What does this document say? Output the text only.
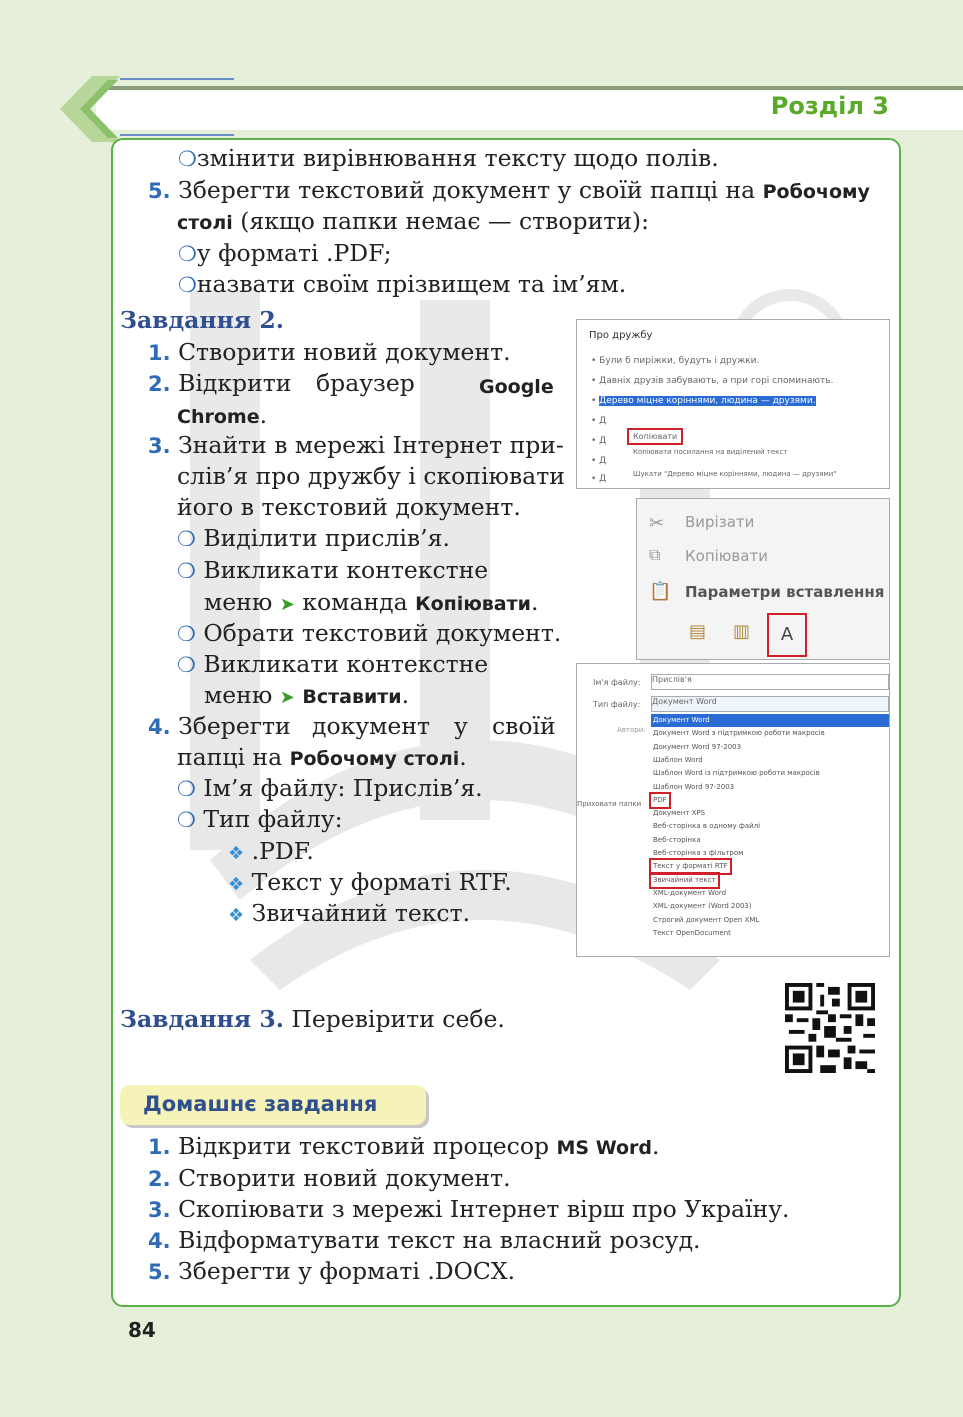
Розділ 3
❍змінити вирівнювання тексту щодо полів.
5. Зберегти текстовий документ у своїй папці на Робочому
столі (якщо папки немає — створити):
❍у форматі .PDF;
❍назвати своїм прізвищем та ім’ям.
Завдання 2.
1. Створити новий документ.
2. Відкрити браузер	Google
Chrome.
3. Знайти в мережі Інтернет при-
слів’я про дружбу і скопіювати
його в текстовий документ.
❍ Виділити прислів’я.
❍ Викликати контекстне
меню ➤ команда Копіювати.
❍ Обрати текстовий документ.
❍ Викликати контекстне
меню ➤ Вставити.
4. Зберегти документ у своїй
папці на Робочому столі.
❍ Ім’я файлу: Прислів’я.
❍ Тип файлу:
❖ .PDF.
❖ Текст у форматі RTF.
❖ Звичайний текст.
Про дружбу
• Були б пиріжки, будуть і дружки.
• Давніх друзів забувають, а при горі споминають.
• Дерево міцне коріннями, людина — друзями.
• Д
• Д
• Д
• Д
Копіювати
Копіювати посилання на виділений текст
Шукати "Дерево міцне коріннями, людина — друзями"
✂ Вирізати
⧉ Копіювати
📋 Параметри вставлення
▤ ▥	A
Ім'я файлу: Прислів'я
Тип файлу: Документ Word
Автори:
Приховати папки
Документ Word
Документ Word з підтримкою роботи макросів
Документ Word 97-2003
Шаблон Word
Шаблон Word із підтримкою роботи макросів
Шаблон Word 97-2003
PDF
Документ XPS
Веб-сторінка в одному файлі
Веб-сторінка
Веб-сторінка з фільтром
Текст у форматі RTF
Звичайний текст
XML-документ Word
XML-документ (Word 2003)
Строгий документ Open XML
Текст OpenDocument
Завдання 3. Перевірити себе.
Домашнє завдання
1. Відкрити текстовий процесор MS Word.
2. Створити новий документ.
3. Скопіювати з мережі Інтернет вірш про Україну.
4. Відформатувати текст на власний розсуд.
5. Зберегти у форматі .DOCX.
84
